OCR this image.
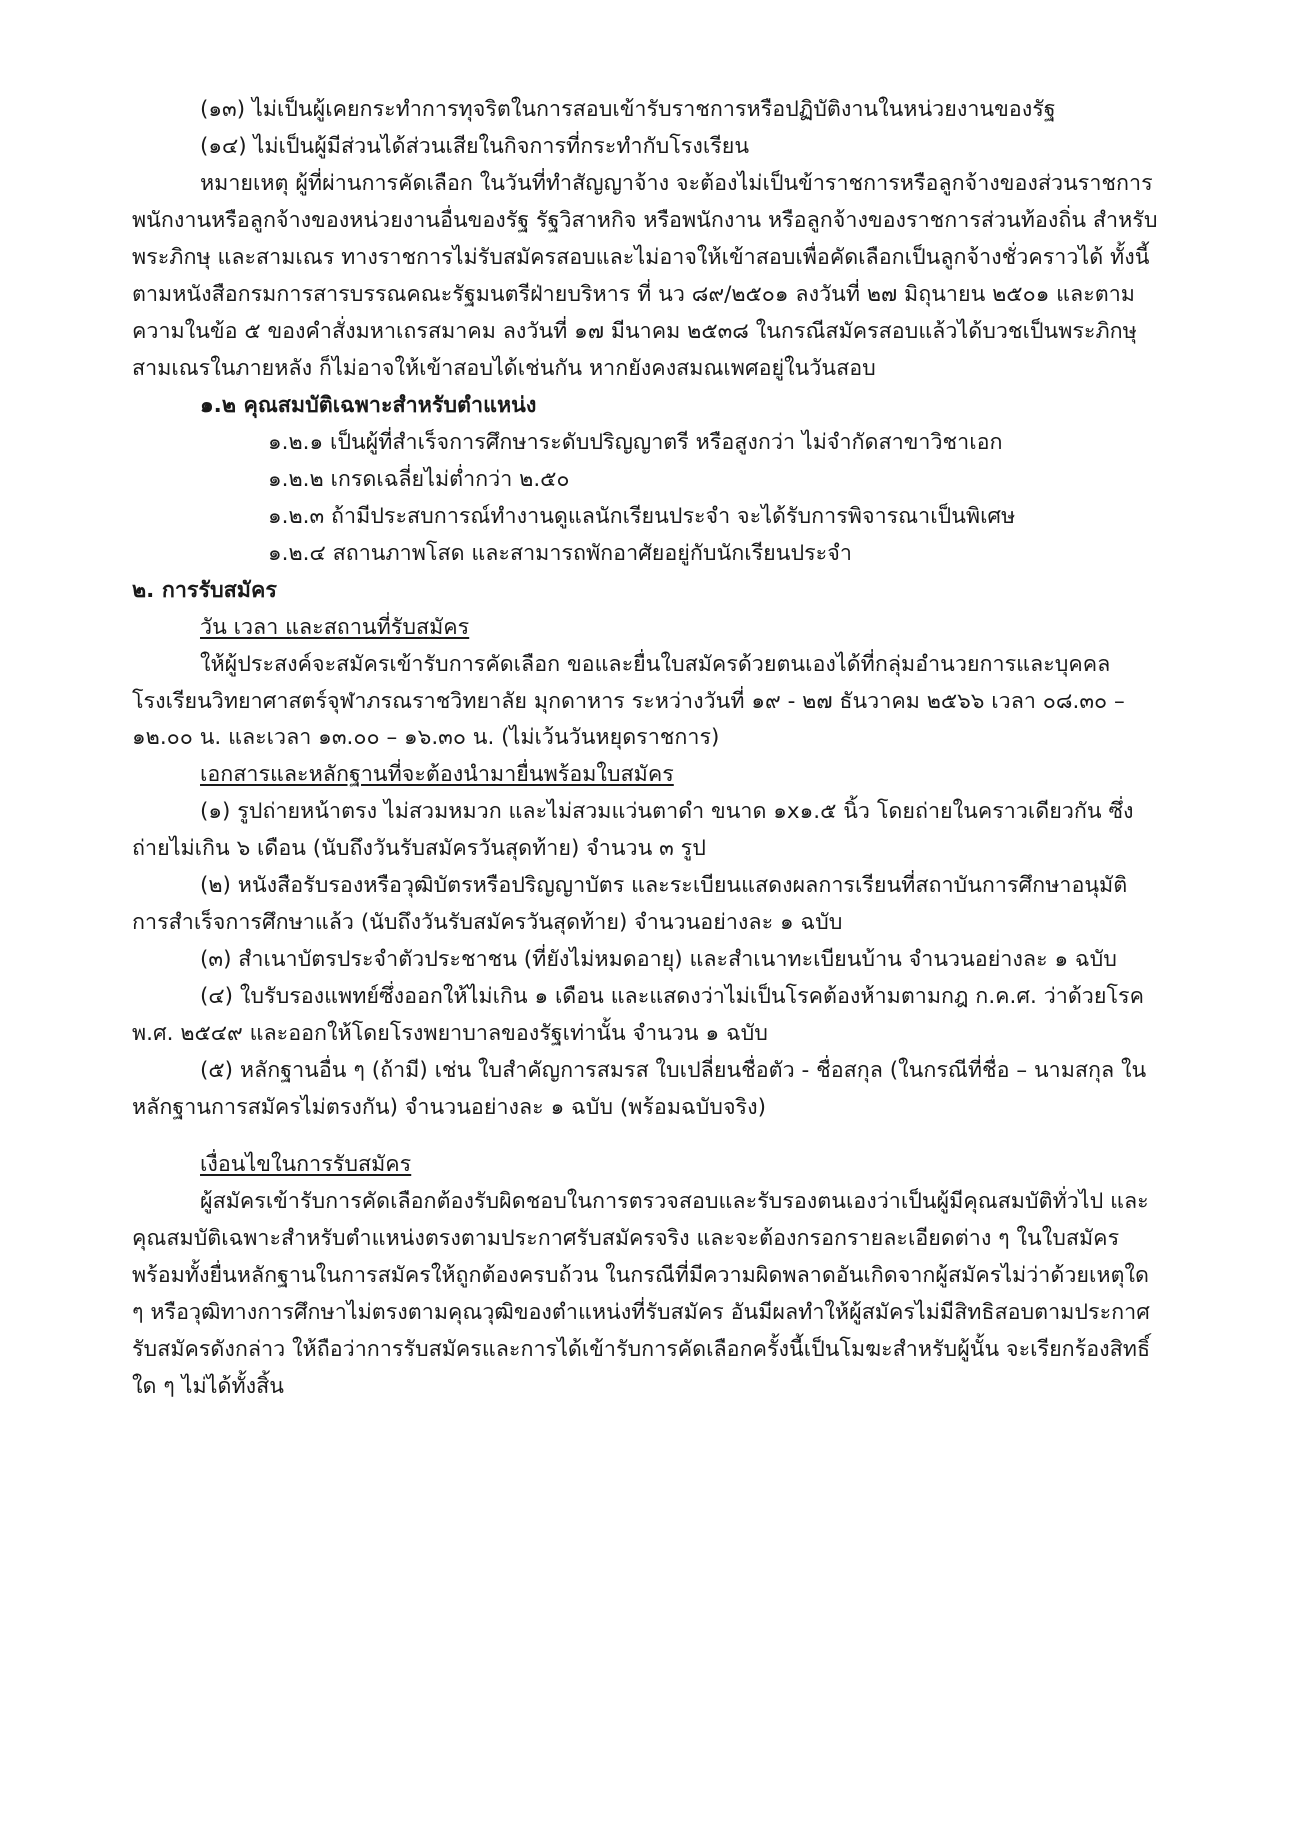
(๑๓) ไม่เป็นผู้เคยกระทำการทุจริตในการสอบเข้ารับราชการหรือปฏิบัติงานในหน่วยงานของรัฐ

(๑๔) ไม่เป็นผู้มีส่วนได้ส่วนเสียในกิจการที่กระทำกับโรงเรียน

หมายเหตุ ผู้ที่ผ่านการคัดเลือก ในวันที่ทำสัญญาจ้าง จะต้องไม่เป็นข้าราชการหรือลูกจ้างของส่วนราชการ พนักงานหรือลูกจ้างของหน่วยงานอื่นของรัฐ รัฐวิสาหกิจ หรือพนักงาน หรือลูกจ้างของราชการส่วนท้องถิ่น สำหรับพระภิกษุ และสามเณร ทางราชการไม่รับสมัครสอบและไม่อาจให้เข้าสอบเพื่อคัดเลือกเป็นลูกจ้างชั่วคราวได้ ทั้งนี้ ตามหนังสือกรมการสารบรรณคณะรัฐมนตรีฝ่ายบริหาร ที่ นว ๘๙/๒๕๐๑ ลงวันที่ ๒๗ มิถุนายน ๒๕๐๑ และตามความในข้อ ๕ ของคำสั่งมหาเถรสมาคม ลงวันที่ ๑๗ มีนาคม ๒๕๓๘ ในกรณีสมัครสอบแล้วได้บวชเป็นพระภิกษุสามเณรในภายหลัง ก็ไม่อาจให้เข้าสอบได้เช่นกัน หากยังคงสมณเพศอยู่ในวันสอบ

๑.๒ คุณสมบัติเฉพาะสำหรับตำแหน่ง

๑.๒.๑ เป็นผู้ที่สำเร็จการศึกษาระดับปริญญาตรี หรือสูงกว่า ไม่จำกัดสาขาวิชาเอก

๑.๒.๒ เกรดเฉลี่ยไม่ต่ำกว่า ๒.๕๐

๑.๒.๓ ถ้ามีประสบการณ์ทำงานดูแลนักเรียนประจำ จะได้รับการพิจารณาเป็นพิเศษ

๑.๒.๔ สถานภาพโสด และสามารถพักอาศัยอยู่กับนักเรียนประจำ

๒. การรับสมัคร

วัน เวลา และสถานที่รับสมัคร

ให้ผู้ประสงค์จะสมัครเข้ารับการคัดเลือก ขอและยื่นใบสมัครด้วยตนเองได้ที่กลุ่มอำนวยการและบุคคล โรงเรียนวิทยาศาสตร์จุฬาภรณราชวิทยาลัย มุกดาหาร ระหว่างวันที่ ๑๙ - ๒๗ ธันวาคม ๒๕๖๖ เวลา ๐๘.๓๐ – ๑๒.๐๐ น. และเวลา ๑๓.๐๐ – ๑๖.๓๐ น. (ไม่เว้นวันหยุดราชการ)

เอกสารและหลักฐานที่จะต้องนำมายื่นพร้อมใบสมัคร

(๑) รูปถ่ายหน้าตรง ไม่สวมหมวก และไม่สวมแว่นตาดำ ขนาด ๑x๑.๕ นิ้ว โดยถ่ายในคราวเดียวกัน ซึ่งถ่ายไม่เกิน ๖ เดือน (นับถึงวันรับสมัครวันสุดท้าย) จำนวน ๓ รูป

(๒) หนังสือรับรองหรือวุฒิบัตรหรือปริญญาบัตร และระเบียนแสดงผลการเรียนที่สถาบันการศึกษาอนุมัติการสำเร็จการศึกษาแล้ว (นับถึงวันรับสมัครวันสุดท้าย) จำนวนอย่างละ ๑ ฉบับ

(๓) สำเนาบัตรประจำตัวประชาชน (ที่ยังไม่หมดอายุ) และสำเนาทะเบียนบ้าน จำนวนอย่างละ ๑ ฉบับ

(๔) ใบรับรองแพทย์ซึ่งออกให้ไม่เกิน ๑ เดือน และแสดงว่าไม่เป็นโรคต้องห้ามตามกฎ ก.ค.ศ. ว่าด้วยโรค พ.ศ. ๒๕๔๙ และออกให้โดยโรงพยาบาลของรัฐเท่านั้น จำนวน ๑ ฉบับ

(๕) หลักฐานอื่น ๆ (ถ้ามี) เช่น ใบสำคัญการสมรส ใบเปลี่ยนชื่อตัว - ชื่อสกุล (ในกรณีที่ชื่อ – นามสกุล ในหลักฐานการสมัครไม่ตรงกัน) จำนวนอย่างละ ๑ ฉบับ (พร้อมฉบับจริง)

เงื่อนไขในการรับสมัคร

ผู้สมัครเข้ารับการคัดเลือกต้องรับผิดชอบในการตรวจสอบและรับรองตนเองว่าเป็นผู้มีคุณสมบัติทั่วไป และคุณสมบัติเฉพาะสำหรับตำแหน่งตรงตามประกาศรับสมัครจริง และจะต้องกรอกรายละเอียดต่าง ๆ ในใบสมัคร พร้อมทั้งยื่นหลักฐานในการสมัครให้ถูกต้องครบถ้วน ในกรณีที่มีความผิดพลาดอันเกิดจากผู้สมัครไม่ว่าด้วยเหตุใด ๆ หรือวุฒิทางการศึกษาไม่ตรงตามคุณวุฒิของตำแหน่งที่รับสมัคร อันมีผลทำให้ผู้สมัครไม่มีสิทธิสอบตามประกาศรับสมัครดังกล่าว ให้ถือว่าการรับสมัครและการได้เข้ารับการคัดเลือกครั้งนี้เป็นโมฆะสำหรับผู้นั้น จะเรียกร้องสิทธิ์ใด ๆ ไม่ได้ทั้งสิ้น
